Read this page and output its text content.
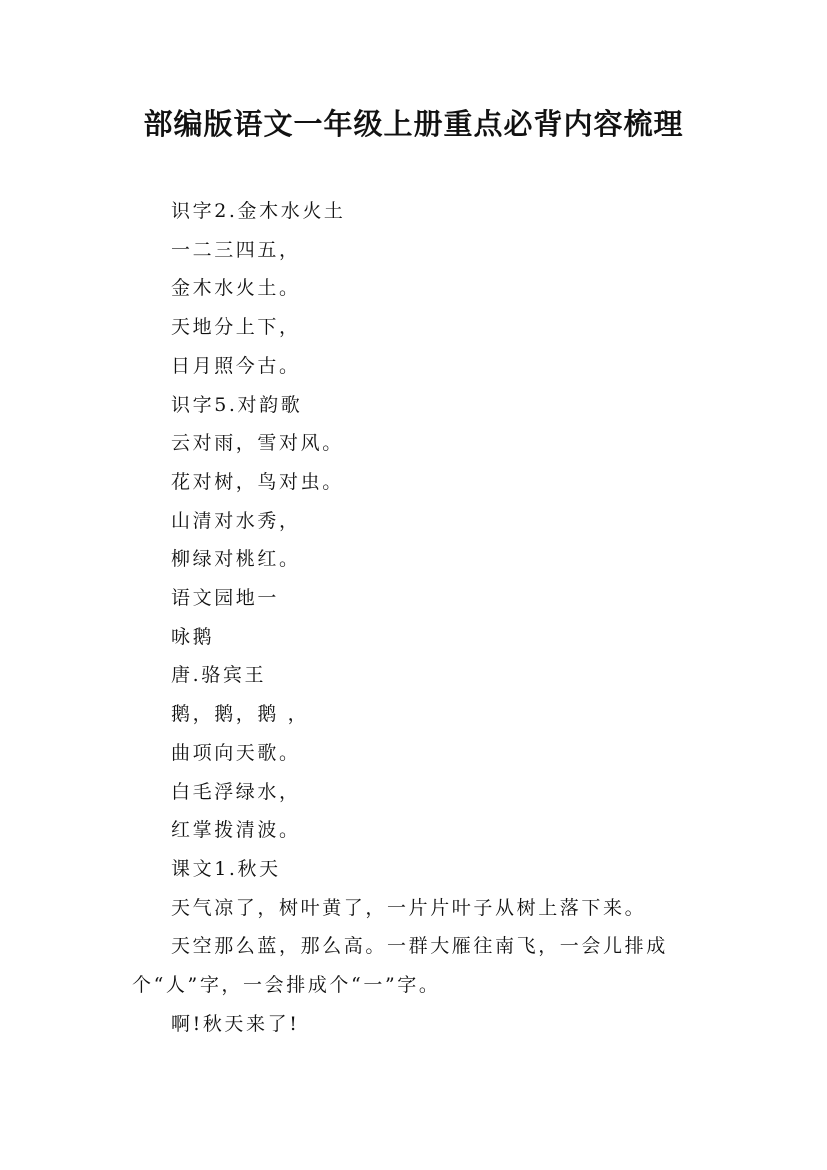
部编版语文一年级上册重点必背内容梳理
识字2.金木水火土
一二三四五，
金木水火土。
天地分上下，
日月照今古。
识字5.对韵歌
云对雨，雪对风。
花对树，鸟对虫。
山清对水秀，
柳绿对桃红。
语文园地一
咏鹅
唐.骆宾王
鹅，鹅，鹅 ，
曲项向天歌。
白毛浮绿水，
红掌拨清波。
课文1.秋天
天气凉了，树叶黄了，一片片叶子从树上落下来。
天空那么蓝，那么高。一群大雁往南飞，一会儿排成个“人”字，一会排成个“一”字。
啊!秋天来了!
